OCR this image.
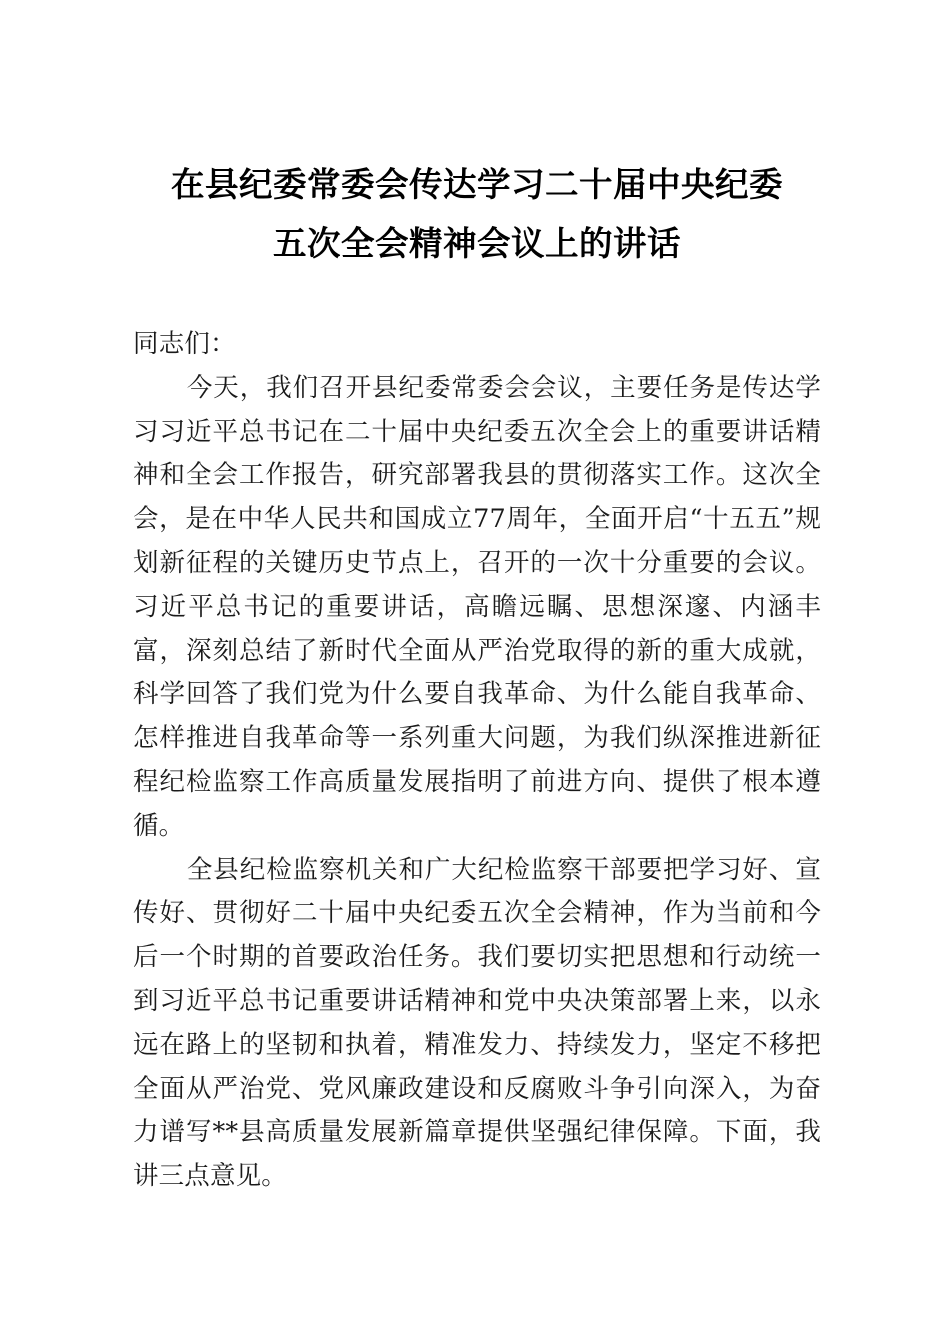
在县纪委常委会传达学习二十届中央纪委
五次全会精神会议上的讲话

同志们：

今天，我们召开县纪委常委会会议，主要任务是传达学习习近平总书记在二十届中央纪委五次全会上的重要讲话精神和全会工作报告，研究部署我县的贯彻落实工作。这次全会，是在中华人民共和国成立77周年，全面开启“十五五”规划新征程的关键历史节点上，召开的一次十分重要的会议。习近平总书记的重要讲话，高瞻远瞩、思想深邃、内涵丰富，深刻总结了新时代全面从严治党取得的新的重大成就，科学回答了我们党为什么要自我革命、为什么能自我革命、怎样推进自我革命等一系列重大问题，为我们纵深推进新征程纪检监察工作高质量发展指明了前进方向、提供了根本遵循。

全县纪检监察机关和广大纪检监察干部要把学习好、宣传好、贯彻好二十届中央纪委五次全会精神，作为当前和今后一个时期的首要政治任务。我们要切实把思想和行动统一到习近平总书记重要讲话精神和党中央决策部署上来，以永远在路上的坚韧和执着，精准发力、持续发力，坚定不移把全面从严治党、党风廉政建设和反腐败斗争引向深入，为奋力谱写**县高质量发展新篇章提供坚强纪律保障。下面，我讲三点意见。
